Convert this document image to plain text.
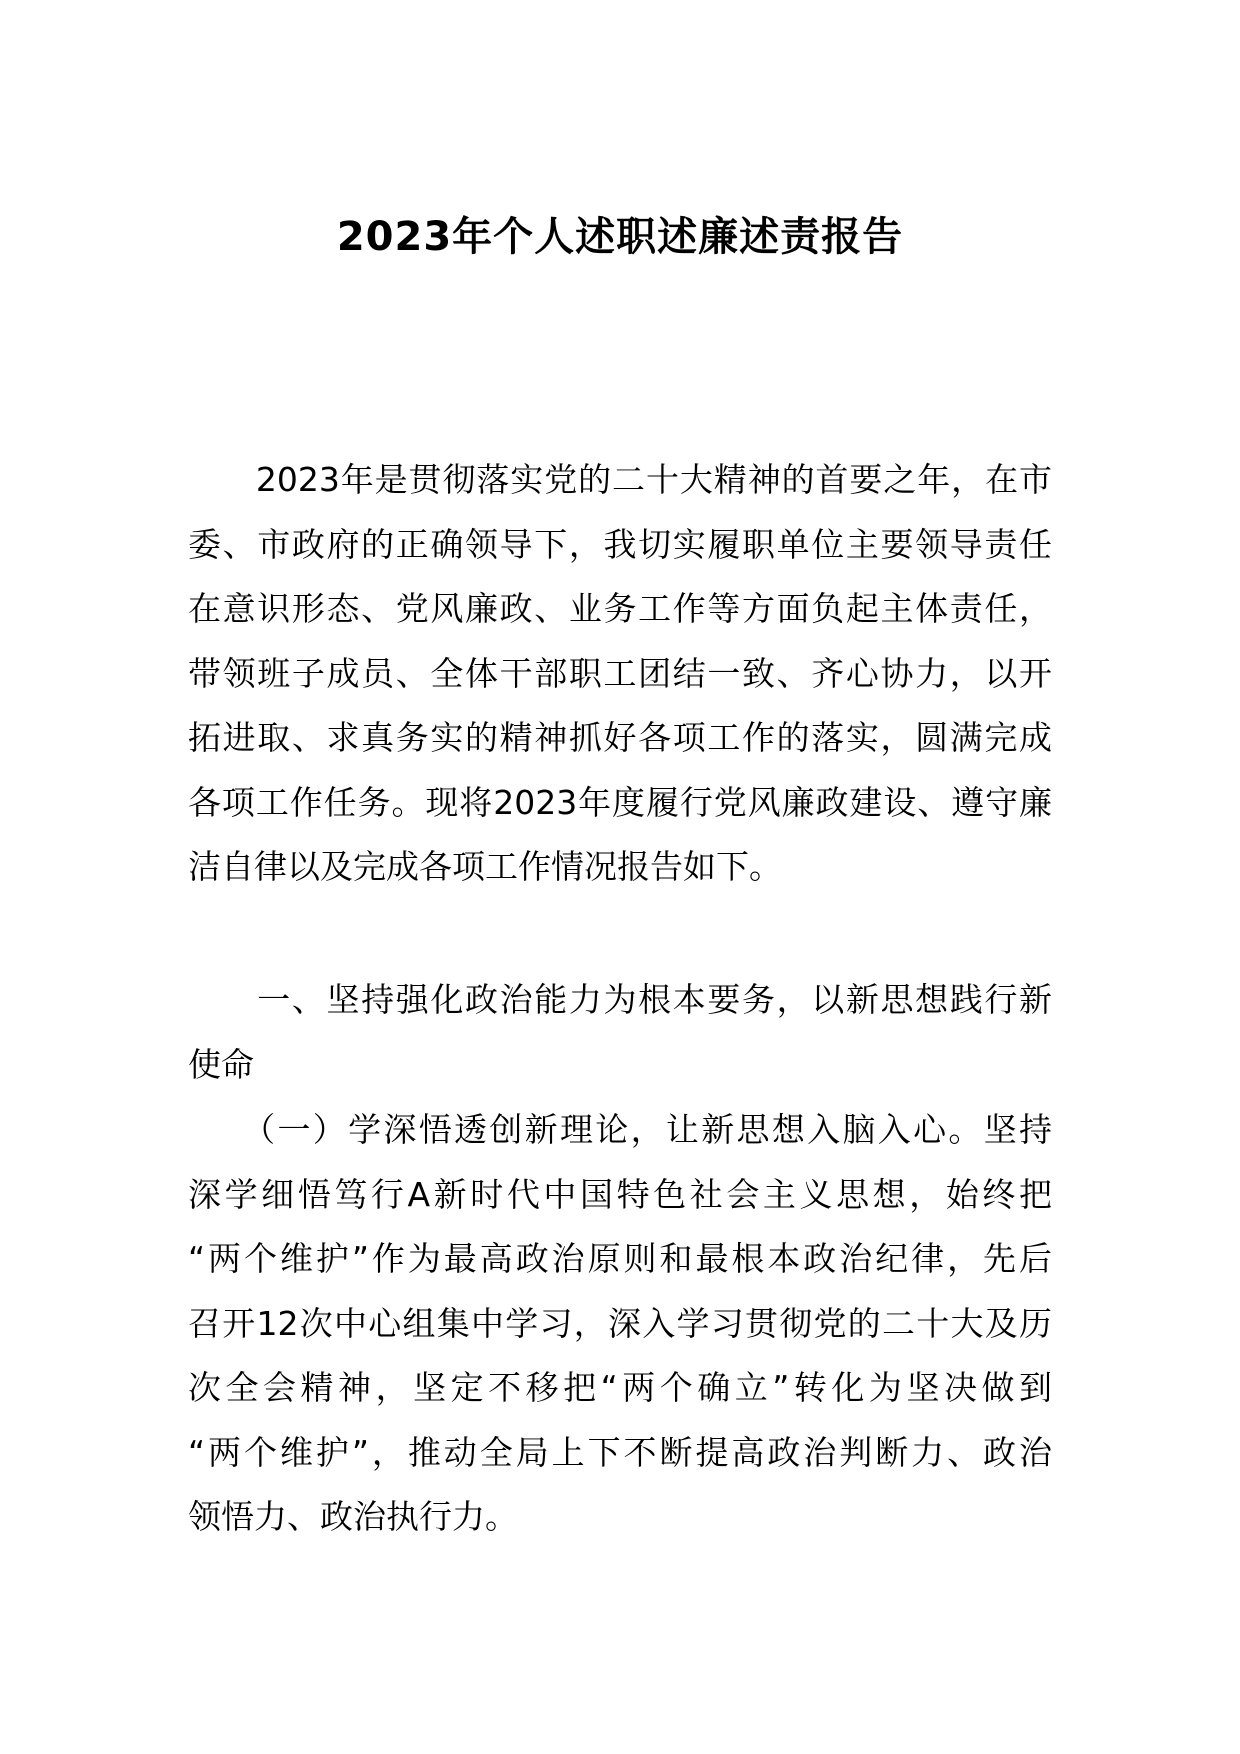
2023年个人述职述廉述责报告
　　2023年是贯彻落实党的二十大精神的首要之年，在市
委、市政府的正确领导下，我切实履职单位主要领导责任
在意识形态、党风廉政、业务工作等方面负起主体责任，
带领班子成员、全体干部职工团结一致、齐心协力，以开
拓进取、求真务实的精神抓好各项工作的落实，圆满完成
各项工作任务。现将2023年度履行党风廉政建设、遵守廉
洁自律以及完成各项工作情况报告如下。
　　一、坚持强化政治能力为根本要务，以新思想践行新
使命
　　（一）学深悟透创新理论，让新思想入脑入心。坚持
深学细悟笃行A新时代中国特色社会主义思想，始终把
“两个维护”作为最高政治原则和最根本政治纪律，先后
召开12次中心组集中学习，深入学习贯彻党的二十大及历
次全会精神，坚定不移把“两个确立”转化为坚决做到
“两个维护”，推动全局上下不断提高政治判断力、政治
领悟力、政治执行力。
